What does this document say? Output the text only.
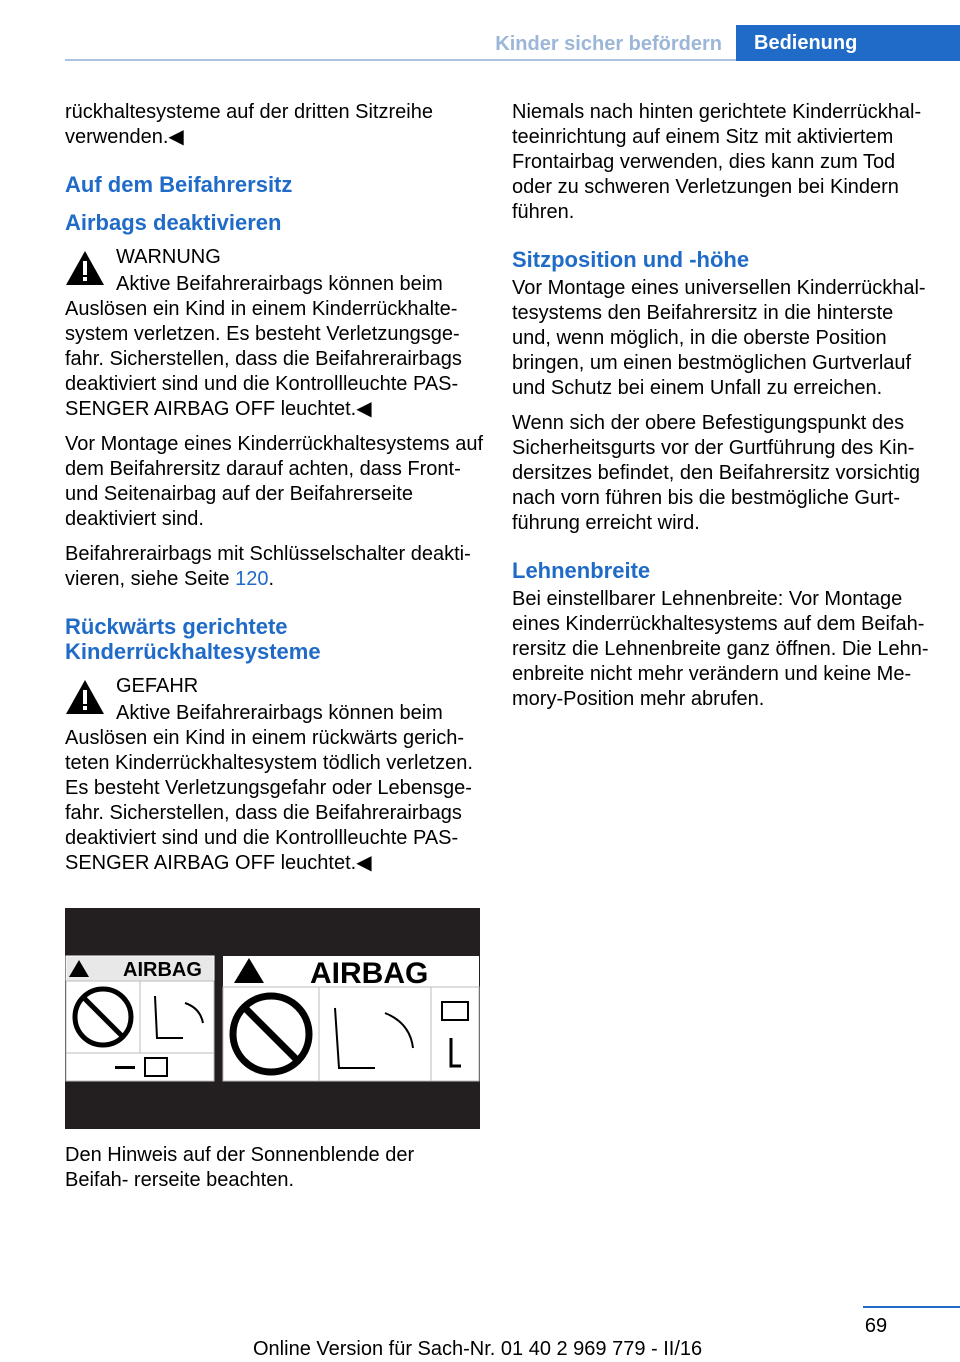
Kinder sicher befördern	Bedienung

rückhaltesysteme auf der dritten Sitzreihe verwenden.◀

Auf dem Beifahrersitz
Airbags deaktivieren
WARNUNG

Aktive Beifahrerairbags können beim Auslösen ein Kind in einem Kinderrückhalte- system verletzen. Es besteht Verletzungsge- fahr. Sicherstellen, dass die Beifahrerairbags deaktiviert sind und die Kontrollleuchte PAS- SENGER AIRBAG OFF leuchtet.◀

Vor Montage eines Kinderrückhaltesystems auf dem Beifahrersitz darauf achten, dass Front- und Seitenairbag auf der Beifahrerseite deaktiviert sind.

Beifahrerairbags mit Schlüsselschalter deakti- vieren, siehe Seite 120.

Rückwärts gerichtete Kinderrückhaltesysteme
GEFAHR

Aktive Beifahrerairbags können beim Auslösen ein Kind in einem rückwärts gerich- teten Kinderrückhaltesystem tödlich verletzen. Es besteht Verletzungsgefahr oder Lebensge- fahr. Sicherstellen, dass die Beifahrerairbags deaktiviert sind und die Kontrollleuchte PAS- SENGER AIRBAG OFF leuchtet.◀

AIRBAG	AIRBAG

Den Hinweis auf der Sonnenblende der Beifah- rerseite beachten.

Niemals nach hinten gerichtete Kinderrückhal- teeinrichtung auf einem Sitz mit aktiviertem Frontairbag verwenden, dies kann zum Tod oder zu schweren Verletzungen bei Kindern führen.

Sitzposition und -höhe

Vor Montage eines universellen Kinderrückhal- tesystems den Beifahrersitz in die hinterste und, wenn möglich, in die oberste Position bringen, um einen bestmöglichen Gurtverlauf und Schutz bei einem Unfall zu erreichen.

Wenn sich der obere Befestigungspunkt des Sicherheitsgurts vor der Gurtführung des Kin- dersitzes befindet, den Beifahrersitz vorsichtig nach vorn führen bis die bestmögliche Gurt- führung erreicht wird.

Lehnenbreite

Bei einstellbarer Lehnenbreite: Vor Montage eines Kinderrückhaltesystems auf dem Beifah- rersitz die Lehnenbreite ganz öffnen. Die Lehn- enbreite nicht mehr verändern und keine Me- mory-Position mehr abrufen.

69
Online Version für Sach-Nr. 01 40 2 969 779 - II/16
